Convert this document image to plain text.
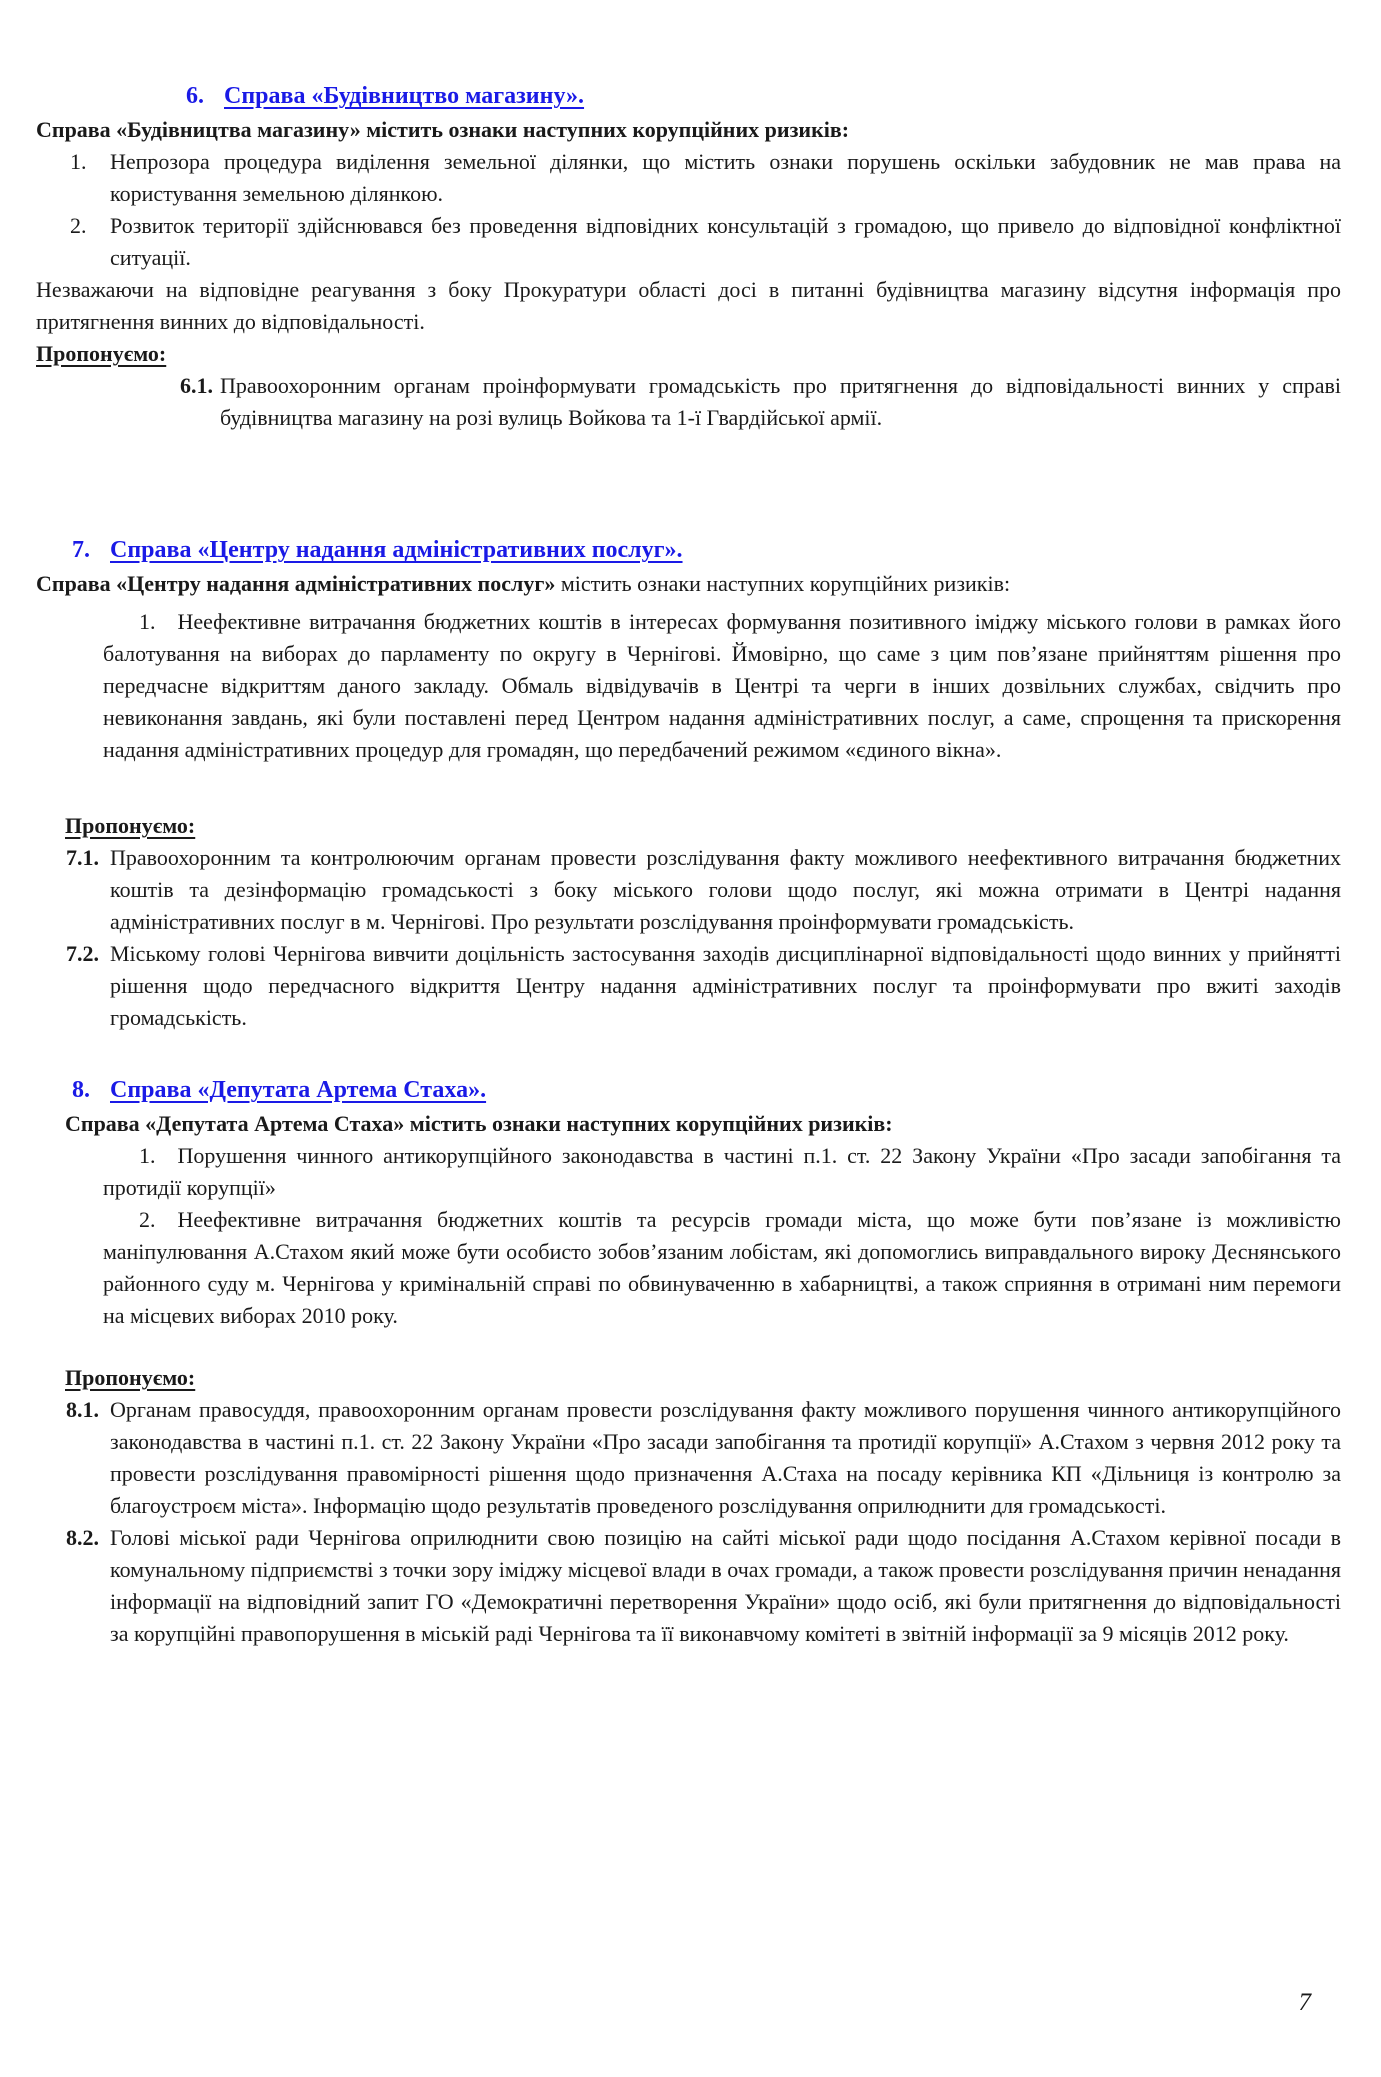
6. Справа «Будівництво магазину».

Справа «Будівництва магазину» містить ознаки наступних корупційних ризиків:

1. Непрозора процедура виділення земельної ділянки, що містить ознаки порушень оскільки забудовник не мав права на користування земельною ділянкою.
2. Розвиток території здійснювався без проведення відповідних консультацій з громадою, що привело до відповідної конфліктної ситуації.

Незважаючи на відповідне реагування з боку Прокуратури області досі в питанні будівництва магазину відсутня інформація про притягнення винних до відповідальності.

Пропонуємо:

6.1. Правоохоронним органам проінформувати громадськість про притягнення до відповідальності винних у справі будівництва магазину на розі вулиць Войкова та 1-ї Гвардійської армії.
7. Справа «Центру надання адміністративних послуг».

Справа «Центру надання адміністративних послуг» містить ознаки наступних корупційних ризиків:

1. Неефективне витрачання бюджетних коштів в інтересах формування позитивного іміджу міського голови в рамках його балотування на виборах до парламенту по округу в Чернігові. Ймовірно, що саме з цим пов’язане прийняттям рішення про передчасне відкриттям даного закладу. Обмаль відвідувачів в Центрі та черги в інших дозвільних службах, свідчить про невиконання завдань, які були поставлені перед Центром надання адміністративних послуг, а саме, спрощення та прискорення надання адміністративних процедур для громадян, що передбачений режимом «єдиного вікна».

Пропонуємо:

7.1. Правоохоронним та контролюючим органам провести розслідування факту можливого неефективного витрачання бюджетних коштів та дезінформацію громадськості з боку міського голови щодо послуг, які можна отримати в Центрі надання адміністративних послуг в м. Чернігові. Про результати розслідування проінформувати громадськість.
7.2. Міському голові Чернігова вивчити доцільність застосування заходів дисциплінарної відповідальності щодо винних у прийнятті рішення щодо передчасного відкриття Центру надання адміністративних послуг та проінформувати про вжиті заходів громадськість.
8. Справа «Депутата Артема Стаха».

Справа «Депутата Артема Стаха» містить ознаки наступних корупційних ризиків:

1. Порушення чинного антикорупційного законодавства в частині п.1. ст. 22 Закону України «Про засади запобігання та протидії корупції»

2. Неефективне витрачання бюджетних коштів та ресурсів громади міста, що може бути пов’язане із можливістю маніпулювання А.Стахом який може бути особисто зобов’язаним лобістам, які допомоглись виправдального вироку Деснянського районного суду м. Чернігова у кримінальній справі по обвинуваченню в хабарництві, а також сприяння в отримані ним перемоги на місцевих виборах 2010 року.

Пропонуємо:

8.1. Органам правосуддя, правоохоронним органам провести розслідування факту можливого порушення чинного антикорупційного законодавства в частині п.1. ст. 22 Закону України «Про засади запобігання та протидії корупції» А.Стахом з червня 2012 року та провести розслідування правомірності рішення щодо призначення А.Стаха на посаду керівника КП «Дільниця із контролю за благоустроєм міста». Інформацію щодо результатів проведеного розслідування оприлюднити для громадськості.
8.2. Голові міської ради Чернігова оприлюднити свою позицію на сайті міської ради щодо посідання А.Стахом керівної посади в комунальному підприємстві з точки зору іміджу місцевої влади в очах громади, а також провести розслідування причин ненадання інформації на відповідний запит ГО «Демократичні перетворення України» щодо осіб, які були притягнення до відповідальності за корупційні правопорушення в міській раді Чернігова та її виконавчому комітеті в звітній інформації за 9 місяців 2012 року.
7
